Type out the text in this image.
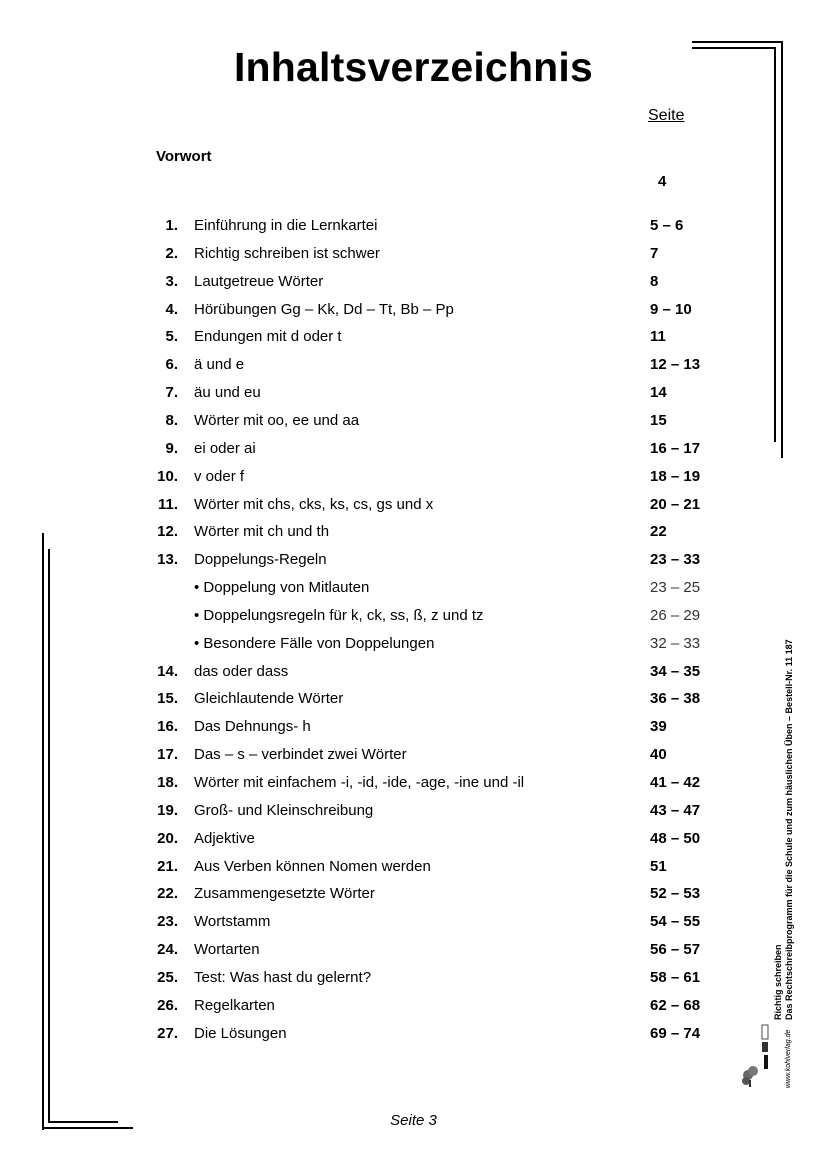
Inhaltsverzeichnis
Seite
Vorwort
4
1. Einführung in die Lernkartei	5 – 6
2. Richtig schreiben ist schwer	7
3. Lautgetreue Wörter	8
4. Hörübungen Gg – Kk, Dd – Tt, Bb – Pp	9 – 10
5. Endungen mit d oder t	11
6. ä und e	12 – 13
7. äu und eu	14
8. Wörter mit oo, ee und aa	15
9. ei oder ai	16 – 17
10. v oder f	18 – 19
11. Wörter mit chs, cks, ks, cs, gs und x	20 – 21
12. Wörter mit ch und th	22
13. Doppelungs-Regeln	23 – 33
• Doppelung von Mitlauten	23 – 25
• Doppelungsregeln für k, ck, ss, ß, z und tz	26 – 29
• Besondere Fälle von Doppelungen	32 – 33
14. das oder dass	34 – 35
15. Gleichlautende Wörter	36 – 38
16. Das Dehnungs- h	39
17. Das – s – verbindet zwei Wörter	40
18. Wörter mit einfachem -i, -id, -ide, -age, -ine und -il	41 – 42
19. Groß- und Kleinschreibung	43 – 47
20. Adjektive	48 – 50
21. Aus Verben können Nomen werden	51
22. Zusammengesetzte Wörter	52 – 53
23. Wortstamm	54 – 55
24. Wortarten	56 – 57
25. Test: Was hast du gelernt?	58 – 61
26. Regelkarten	62 – 68
27. Die Lösungen	69 – 74
Richtig schreiben Das Rechtschreibprogramm für die Schule und zum häuslichen Üben – Bestell-Nr. 11 187
www.kohlverlag.de
Seite 3
